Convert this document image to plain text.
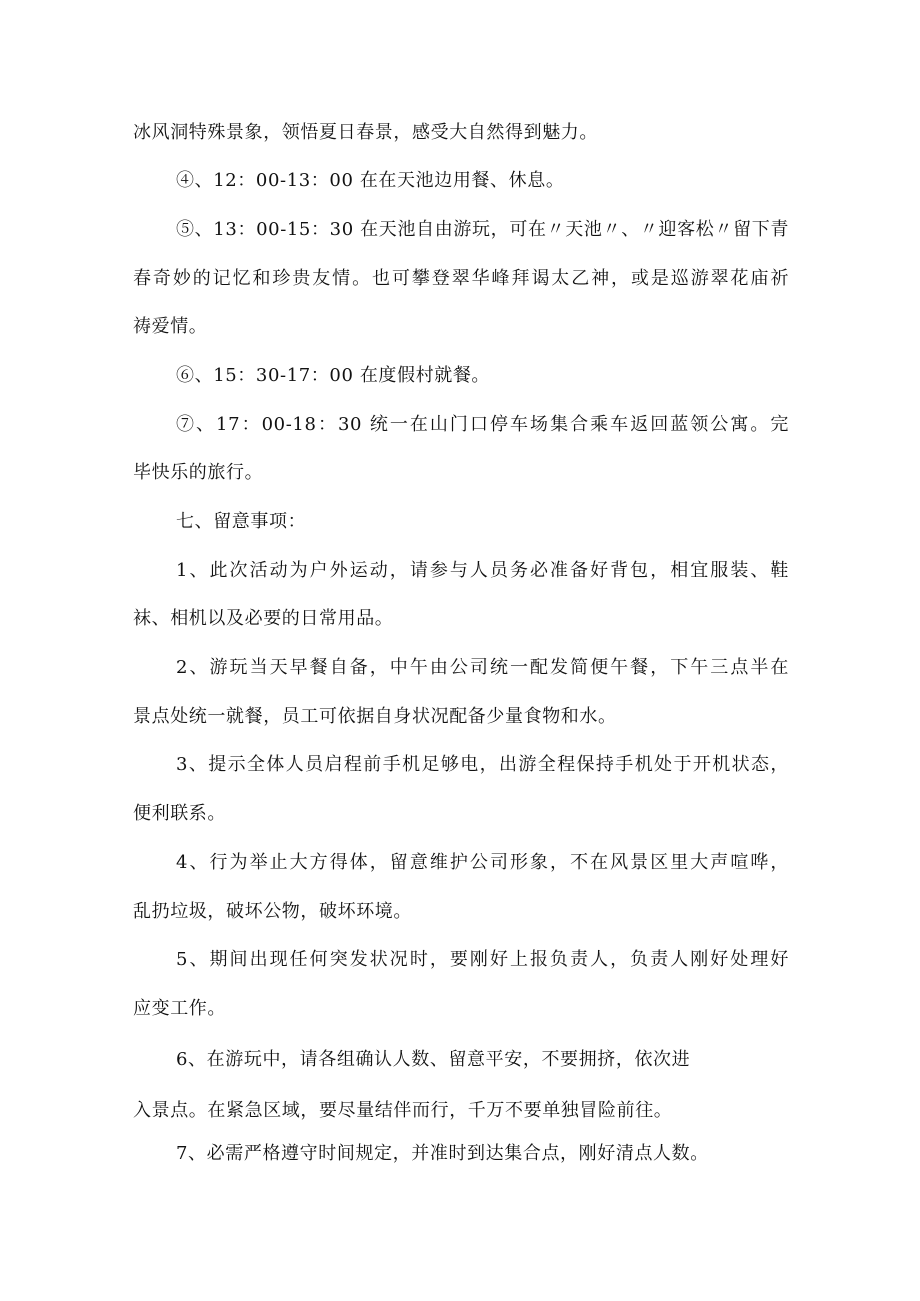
冰风洞特殊景象，领悟夏日春景，感受大自然得到魅力。
④、12：00-13：00 在在天池边用餐、休息。
⑤、13：00-15：30 在天池自由游玩，可在〃天池〃、〃迎客松〃留下青
春奇妙的记忆和珍贵友情。也可攀登翠华峰拜谒太乙神，或是巡游翠花庙祈
祷爱情。
⑥、15：30-17：00 在度假村就餐。
⑦、17：00-18：30 统一在山门口停车场集合乘车返回蓝领公寓。完
毕快乐的旅行。
七、留意事项：
1、此次活动为户外运动，请参与人员务必准备好背包，相宜服装、鞋
袜、相机以及必要的日常用品。
2、游玩当天早餐自备，中午由公司统一配发简便午餐，下午三点半在
景点处统一就餐，员工可依据自身状况配备少量食物和水。
3、提示全体人员启程前手机足够电，出游全程保持手机处于开机状态，
便利联系。
4、行为举止大方得体，留意维护公司形象，不在风景区里大声喧哗，
乱扔垃圾，破坏公物，破坏环境。
5、期间出现任何突发状况时，要刚好上报负责人，负责人刚好处理好
应变工作。
6、在游玩中，请各组确认人数、留意平安，不要拥挤，依次进
入景点。在紧急区域，要尽量结伴而行，千万不要单独冒险前往。
7、必需严格遵守时间规定，并准时到达集合点，刚好清点人数。
